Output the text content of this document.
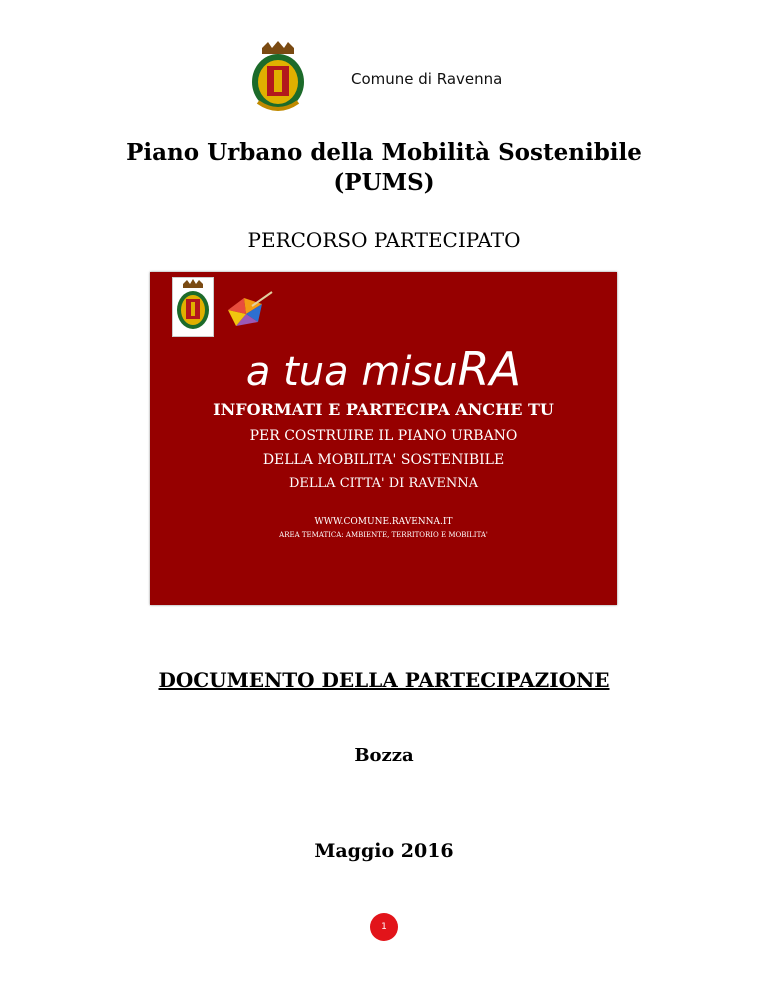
Comune di Ravenna
Piano Urbano della Mobilità Sostenibile
(PUMS)
PERCORSO PARTECIPATO
a tua misuRA
INFORMATI E PARTECIPA ANCHE TU
PER COSTRUIRE IL PIANO URBANO
DELLA MOBILITA' SOSTENIBILE
DELLA CITTA' DI RAVENNA
WWW.COMUNE.RAVENNA.IT
AREA TEMATICA: AMBIENTE, TERRITORIO E MOBILITA'
DOCUMENTO DELLA PARTECIPAZIONE
Bozza
Maggio 2016
1
